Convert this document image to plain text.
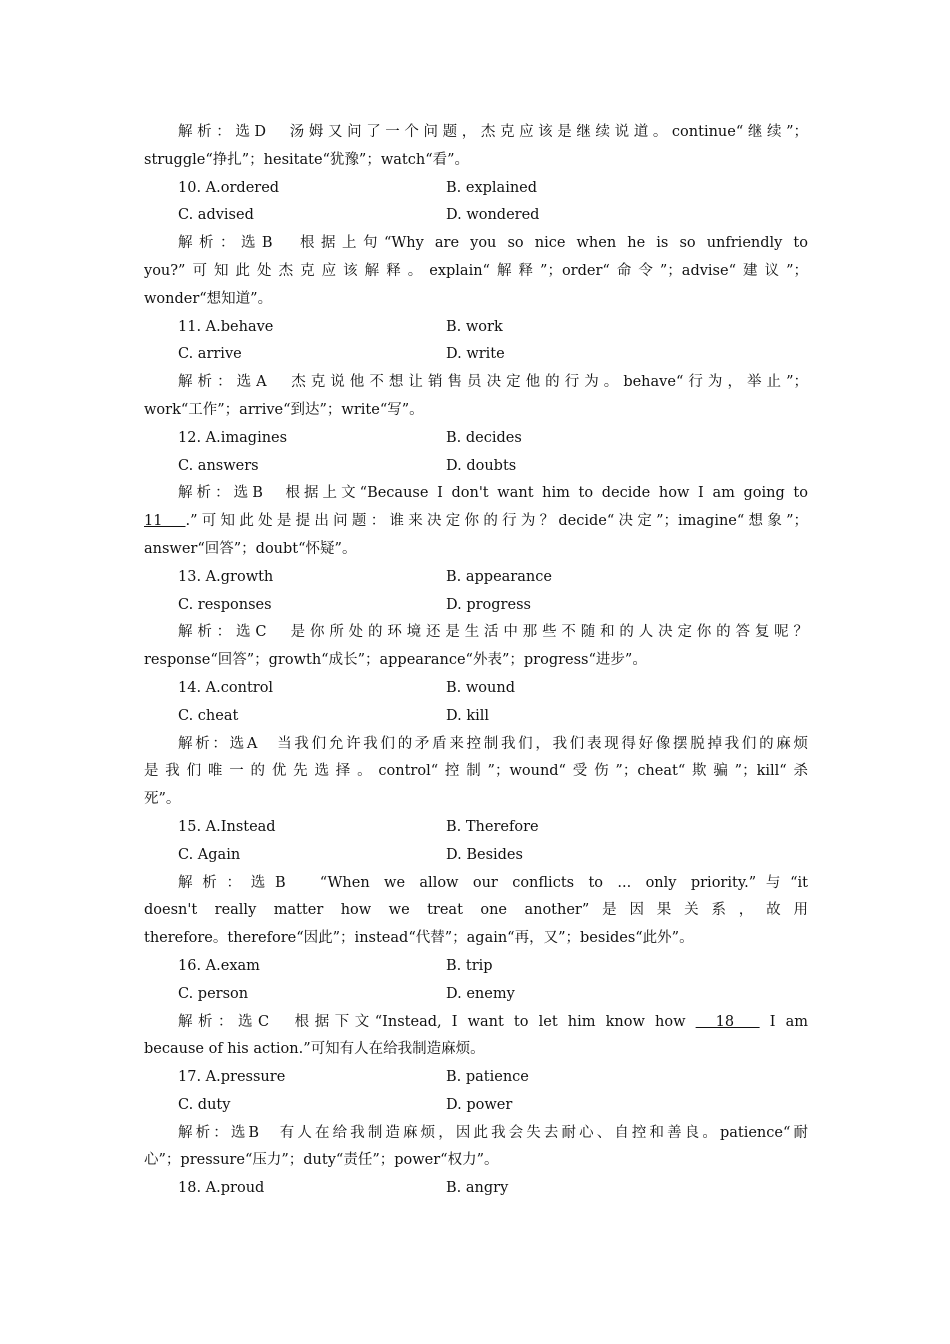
解析：选D　汤姆又问了一个问题，杰克应该是继续说道。continue“继续”；
struggle“挣扎”；hesitate“犹豫”；watch“看”。
10. A.ordered	B. explained
C. advised	D. wondered
解析：选B　根据上句“Why are you so nice when he is so unfriendly to
you?”可知此处杰克应该解释。explain“解释”；order“命令”；advise“建议”；
wonder“想知道”。
11. A.behave	B. work
C. arrive	D. write
解析：选A　杰克说他不想让销售员决定他的行为。behave“行为，举止”；
work“工作”；arrive“到达”；write“写”。
12. A.imagines	B. decides
C. answers	D. doubts
解析：选B　根据上文“Because I don't want him to decide how I am going to
11　.”可知此处是提出问题：谁来决定你的行为？decide“决定”；imagine“想象”；
answer“回答”；doubt“怀疑”。
13. A.growth	B. appearance
C. responses	D. progress
解析：选C　是你所处的环境还是生活中那些不随和的人决定你的答复呢？
response“回答”；growth“成长”；appearance“外表”；progress“进步”。
14. A.control	B. wound
C. cheat	D. kill
解析：选A　当我们允许我们的矛盾来控制我们，我们表现得好像摆脱掉我们的麻烦
是我们唯一的优先选择。control“控制”；wound“受伤”；cheat“欺骗”；kill“杀
死”。
15. A.Instead	B. Therefore
C. Again	D. Besides
解析：选B　“When we allow our conflicts to ... only priority.”与“it
doesn't really matter how we treat one another”是因果关系，故用
therefore。therefore“因此”；instead“代替”；again“再，又”；besides“此外”。
16. A.exam	B. trip
C. person	D. enemy
解析：选C　根据下文“Instead, I want to let him know how 　18　 I am
because of his action.”可知有人在给我制造麻烦。
17. A.pressure	B. patience
C. duty	D. power
解析：选B　有人在给我制造麻烦，因此我会失去耐心、自控和善良。patience“耐
心”；pressure“压力”；duty“责任”；power“权力”。
18. A.proud	B. angry
